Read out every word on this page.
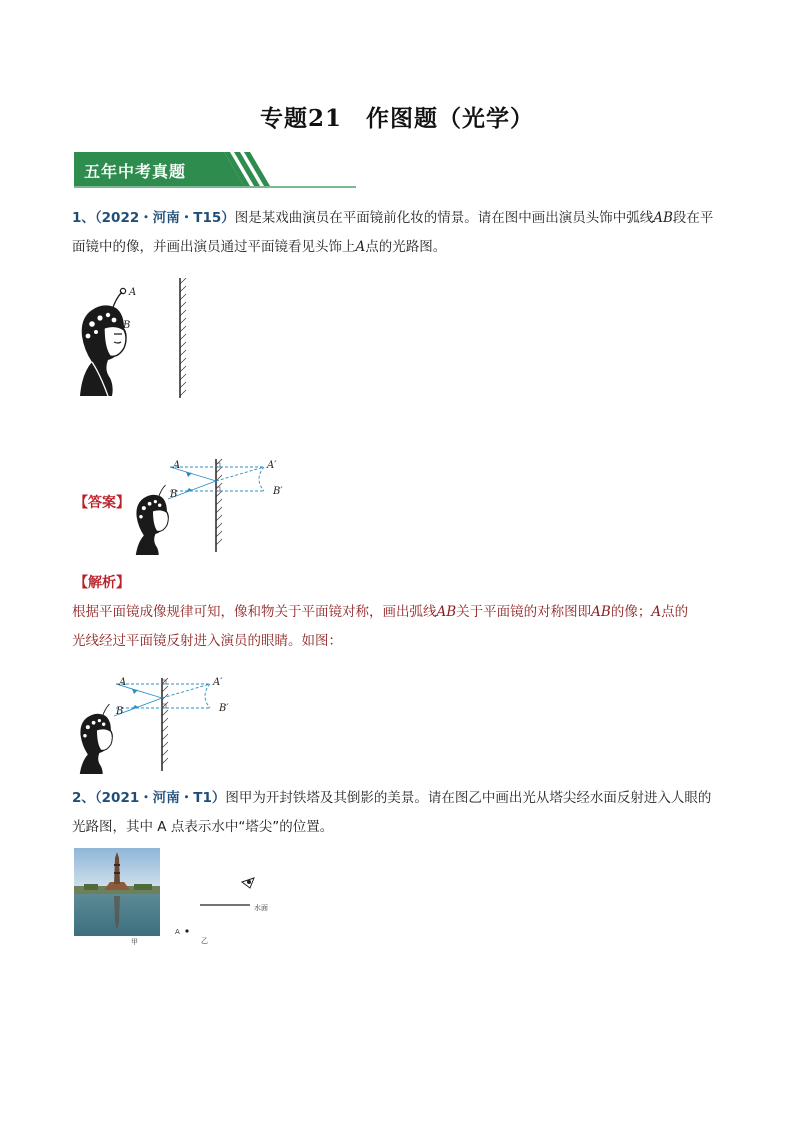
专题21　作图题（光学）
五年中考真题
1、（2022・河南・T15）图是某戏曲演员在平面镜前化妆的情景。请在图中画出演员头饰中弧线AB段在平
面镜中的像，并画出演员通过平面镜看见头饰上A点的光路图。
A
B
【答案】
A
B
A′
B′
【解析】
根据平面镜成像规律可知，像和物关于平面镜对称，画出弧线AB关于平面镜的对称图即AB的像；A点的
光线经过平面镜反射进入演员的眼睛。如图：
A
B
A′
B′
2、（2021・河南・T1）图甲为开封铁塔及其倒影的美景。请在图乙中画出光从塔尖经水面反射进入人眼的
光路图，其中 A 点表示水中“塔尖”的位置。
甲
水面
A
乙
